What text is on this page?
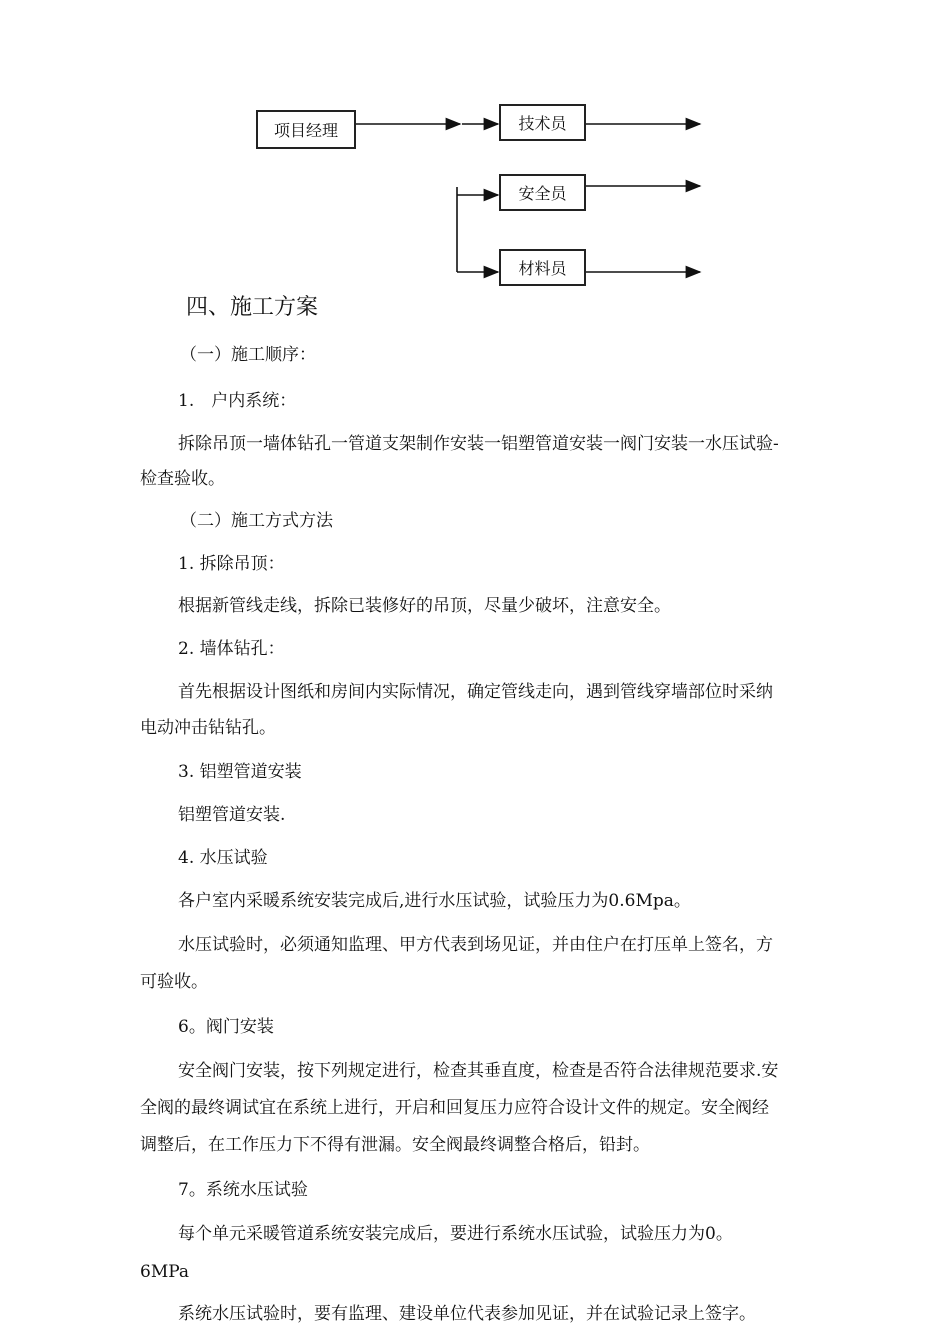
项目经理	技术员
安全员
材料员
四、施工方案
（一）施工顺序：
1.　户内系统：
拆除吊顶一墙体钻孔一管道支架制作安装一铝塑管道安装一阀门安装一水压试验-
检查验收。
（二）施工方式方法
1. 拆除吊顶：
根据新管线走线，拆除已装修好的吊顶，尽量少破坏，注意安全。
2. 墙体钻孔：
首先根据设计图纸和房间内实际情况，确定管线走向，遇到管线穿墙部位时采纳
电动冲击钻钻孔。
3. 铝塑管道安装
铝塑管道安装.
4. 水压试验
各户室内采暖系统安装完成后,进行水压试验，试验压力为0.6Mpa。
水压试验时，必须通知监理、甲方代表到场见证，并由住户在打压单上签名，方
可验收。
6。阀门安装
安全阀门安装，按下列规定进行，检查其垂直度，检查是否符合法律规范要求.安
全阀的最终调试宜在系统上进行，开启和回复压力应符合设计文件的规定。安全阀经
调整后，在工作压力下不得有泄漏。安全阀最终调整合格后，铅封。
7。系统水压试验
每个单元采暖管道系统安装完成后，要进行系统水压试验，试验压力为0。
6MPa
系统水压试验时，要有监理、建设单位代表参加见证，并在试验记录上签字。
